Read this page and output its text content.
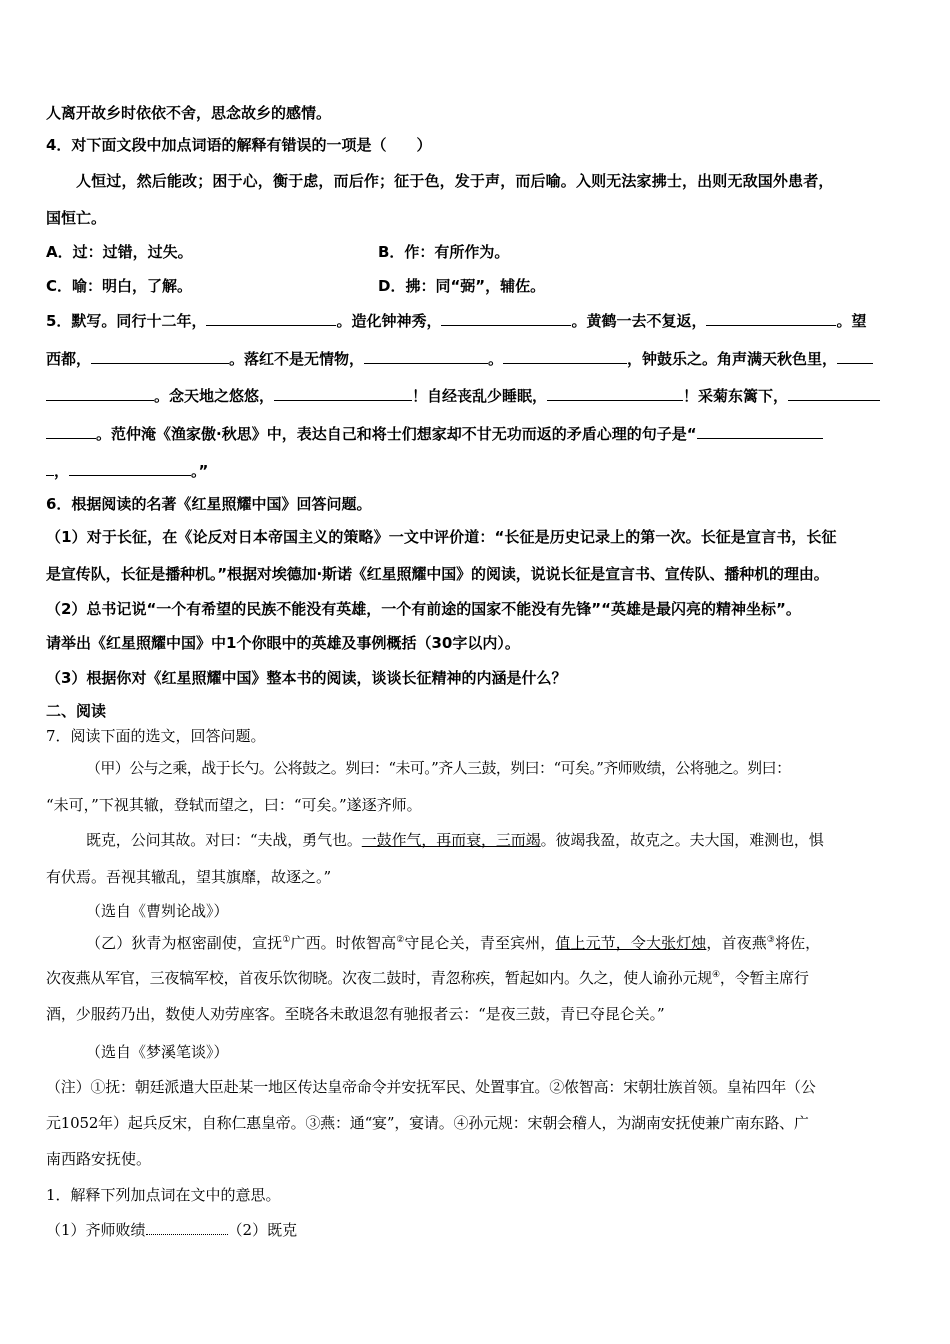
人离开故乡时依依不舍，思念故乡的感情。
4．对下面文段中加点词语的解释有错误的一项是（　　）
人恒过，然后能改；困于心，衡于虑，而后作；征于色，发于声，而后喻。入则无法家拂士，出则无敌国外患者，
国恒亡。
A．过：过错，过失。	B．作：有所作为。
C．喻：明白，了解。	D．拂：同“弼”，辅佐。
5．默写。同行十二年，	。造化钟神秀，	。黄鹤一去不复返，	。望
西都，	。落红不是无情物，	。	，钟鼓乐之。角声满天秋色里，
。念天地之悠悠，	！自经丧乱少睡眠，	！采菊东篱下，
。范仲淹《渔家傲·秋思》中，表达自己和将士们想家却不甘无功而返的矛盾心理的句子是“
，	。”
6．根据阅读的名著《红星照耀中国》回答问题。
（1）对于长征，在《论反对日本帝国主义的策略》一文中评价道：“长征是历史记录上的第一次。长征是宣言书，长征
是宣传队，长征是播种机。”根据对埃德加·斯诺《红星照耀中国》的阅读，说说长征是宣言书、宣传队、播种机的理由。
（2）总书记说“一个有希望的民族不能没有英雄，一个有前途的国家不能没有先锋”“英雄是最闪亮的精神坐标”。
请举出《红星照耀中国》中1个你眼中的英雄及事例概括（30字以内）。
（3）根据你对《红星照耀中国》整本书的阅读，谈谈长征精神的内涵是什么？
二、阅读
7．阅读下面的选文，回答问题。
（甲）公与之乘，战于长勺。公将鼓之。刿曰：“未可。”齐人三鼓，刿曰：“可矣。”齐师败绩，公将驰之。刿曰：
“未可，”下视其辙，登轼而望之，曰：“可矣。”遂逐齐师。
既克，公问其故。对曰：“夫战，勇气也。一鼓作气，再而衰，三而竭。彼竭我盈，故克之。夫大国，难测也，惧
有伏焉。吾视其辙乱，望其旗靡，故逐之。”
（选自《曹刿论战》）
（乙）狄青为枢密副使，宣抚①广西。时侬智高②守昆仑关，青至宾州，值上元节，令大张灯烛，首夜燕③将佐，
次夜燕从军官，三夜犒军校，首夜乐饮彻晓。次夜二鼓时，青忽称疾，暂起如内。久之，使人谕孙元规④，令暂主席行
酒，少服药乃出，数使人劝劳座客。至晓各未敢退忽有驰报者云：“是夜三鼓，青已夺昆仑关。”
（选自《梦溪笔谈》）
（注）①抚：朝廷派遣大臣赴某一地区传达皇帝命令并安抚军民、处置事宜。②侬智高：宋朝壮族首领。皇祐四年（公
元1052年）起兵反宋，自称仁惠皇帝。③燕：通“宴”，宴请。④孙元规：宋朝会稽人，为湖南安抚使兼广南东路、广
南西路安抚使。
1．解释下列加点词在文中的意思。
（1）齐师败绩	（2）既克
